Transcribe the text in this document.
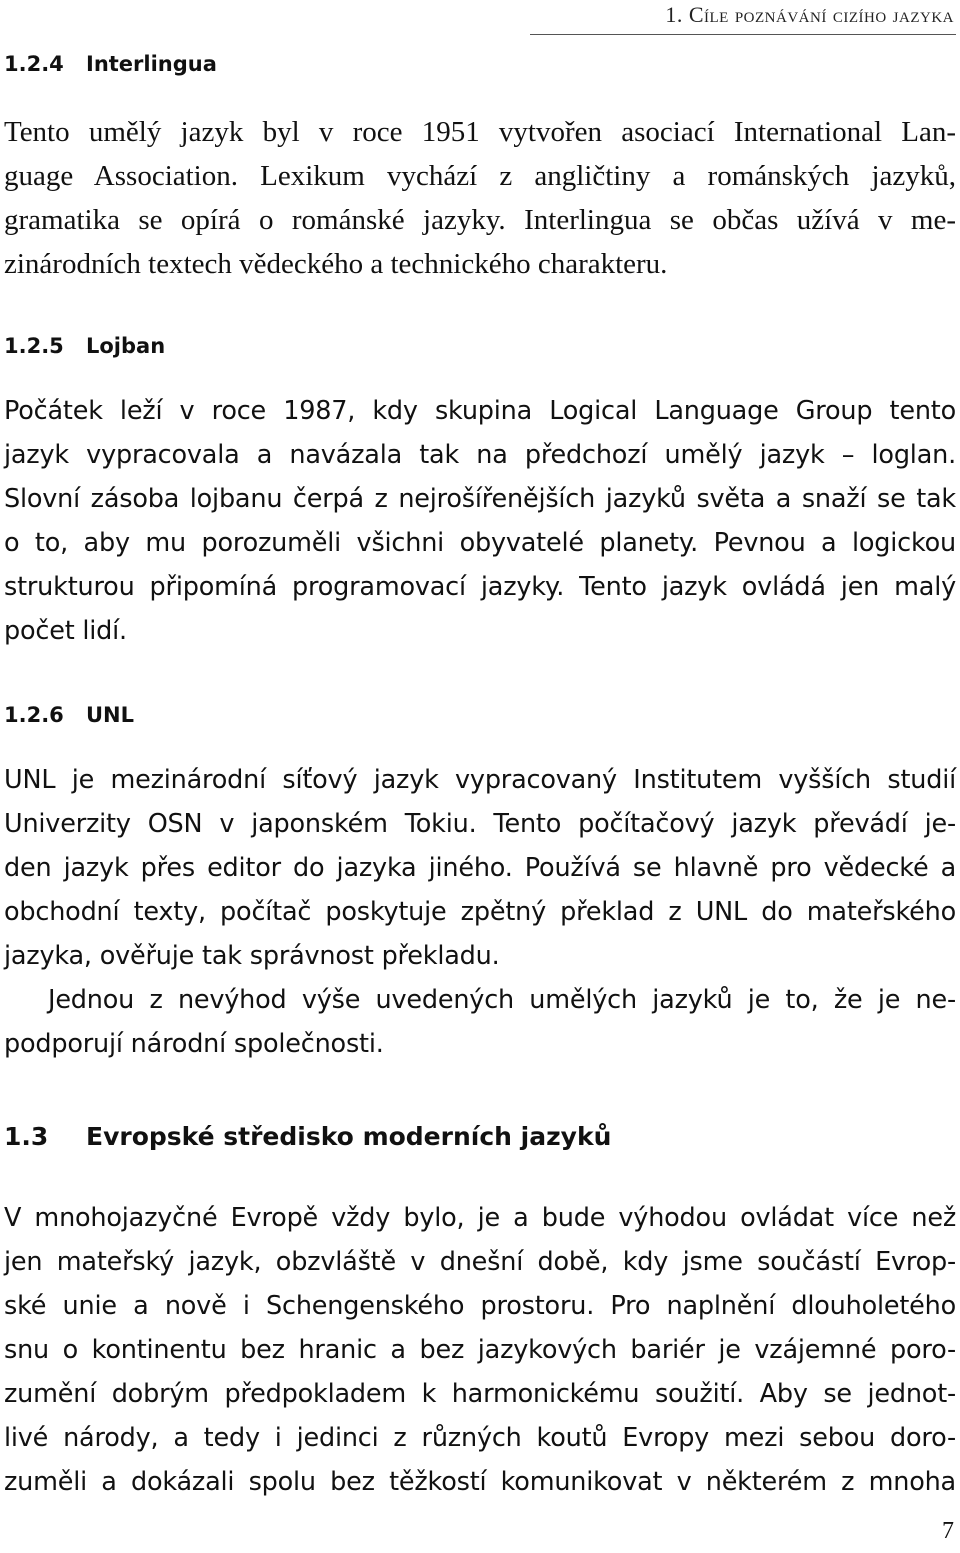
1. Cíle poznávání cizího jazyka
1.2.4 Interlingua
Tento umělý jazyk byl v roce 1951 vytvořen asociací International Lan-
guage Association. Lexikum vychází z angličtiny a románských jazyků,
gramatika se opírá o románské jazyky. Interlingua se občas užívá v me-
zinárodních textech vědeckého a technického charakteru.
1.2.5 Lojban
Počátek leží v roce 1987, kdy skupina Logical Language Group tento
jazyk vypracovala a navázala tak na předchozí umělý jazyk – loglan.
Slovní zásoba lojbanu čerpá z nejrošířenějších jazyků světa a snaží se tak
o to, aby mu porozuměli všichni obyvatelé planety. Pevnou a logickou
strukturou připomíná programovací jazyky. Tento jazyk ovládá jen malý
počet lidí.
1.2.6 UNL
UNL je mezinárodní síťový jazyk vypracovaný Institutem vyšších studií
Univerzity OSN v japonském Tokiu. Tento počítačový jazyk převádí je-
den jazyk přes editor do jazyka jiného. Používá se hlavně pro vědecké a
obchodní texty, počítač poskytuje zpětný překlad z UNL do mateřského
jazyka, ověřuje tak správnost překladu.
Jednou z nevýhod výše uvedených umělých jazyků je to, že je ne-
podporují národní společnosti.
1.3 Evropské středisko moderních jazyků
V mnohojazyčné Evropě vždy bylo, je a bude výhodou ovládat více než
jen mateřský jazyk, obzvláště v dnešní době, kdy jsme součástí Evrop-
ské unie a nově i Schengenského prostoru. Pro naplnění dlouholetého
snu o kontinentu bez hranic a bez jazykových bariér je vzájemné poro-
zumění dobrým předpokladem k harmonickému soužití. Aby se jednot-
livé národy, a tedy i jedinci z různých koutů Evropy mezi sebou doro-
zuměli a dokázali spolu bez těžkostí komunikovat v některém z mnoha
7
